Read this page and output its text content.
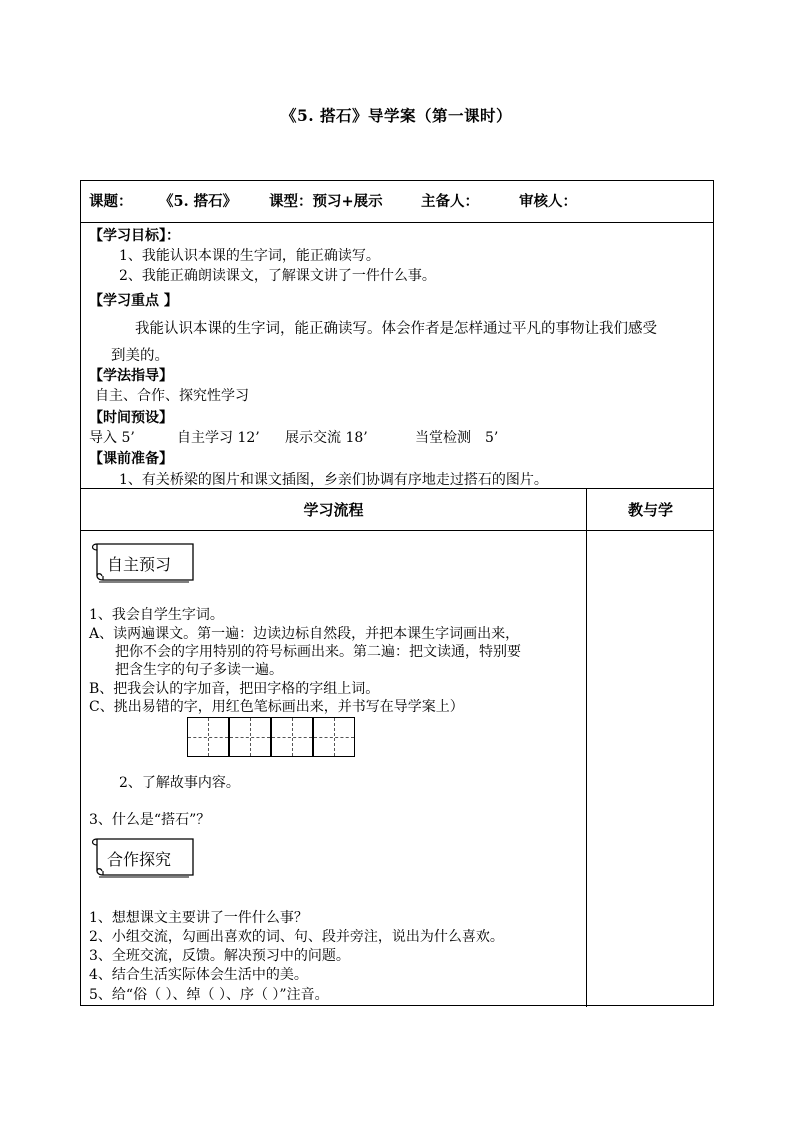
《5. 搭石》导学案（第一课时）
课题： 《5. 搭石》 课型：预习+展示	主备人：	审核人：
【学习目标】：
1、我能认识本课的生字词，能正确读写。
2、我能正确朗读课文，了解课文讲了一件什么事。
【学习重点 】
我能认识本课的生字词，能正确读写。体会作者是怎样通过平凡的事物让我们感受
到美的。
【学法指导】
自主、合作、探究性学习
【时间预设】
导入 5’	自主学习 12’ 展示交流 18’	当堂检测　5’
【课前准备】
1、有关桥梁的图片和课文插图，乡亲们协调有序地走过搭石的图片。
学习流程	教与学
自主预习
1、我会自学生字词。
A、读两遍课文。第一遍：边读边标自然段，并把本课生字词画出来，
把你不会的字用特别的符号标画出来。第二遍：把文读通，特别要
把含生字的句子多读一遍。
B、把我会认的字加音，把田字格的字组上词。
C、挑出易错的字，用红色笔标画出来，并书写在导学案上）
2、了解故事内容。
3、什么是“搭石”？
合作探究
1、想想课文主要讲了一件什么事？
2、小组交流，勾画出喜欢的词、句、段并旁注，说出为什么喜欢。
3、全班交流，反馈。解决预习中的问题。
4、结合生活实际体会生活中的美。
5、给“俗（ ）、绰（ ）、序（ ）”注音。
